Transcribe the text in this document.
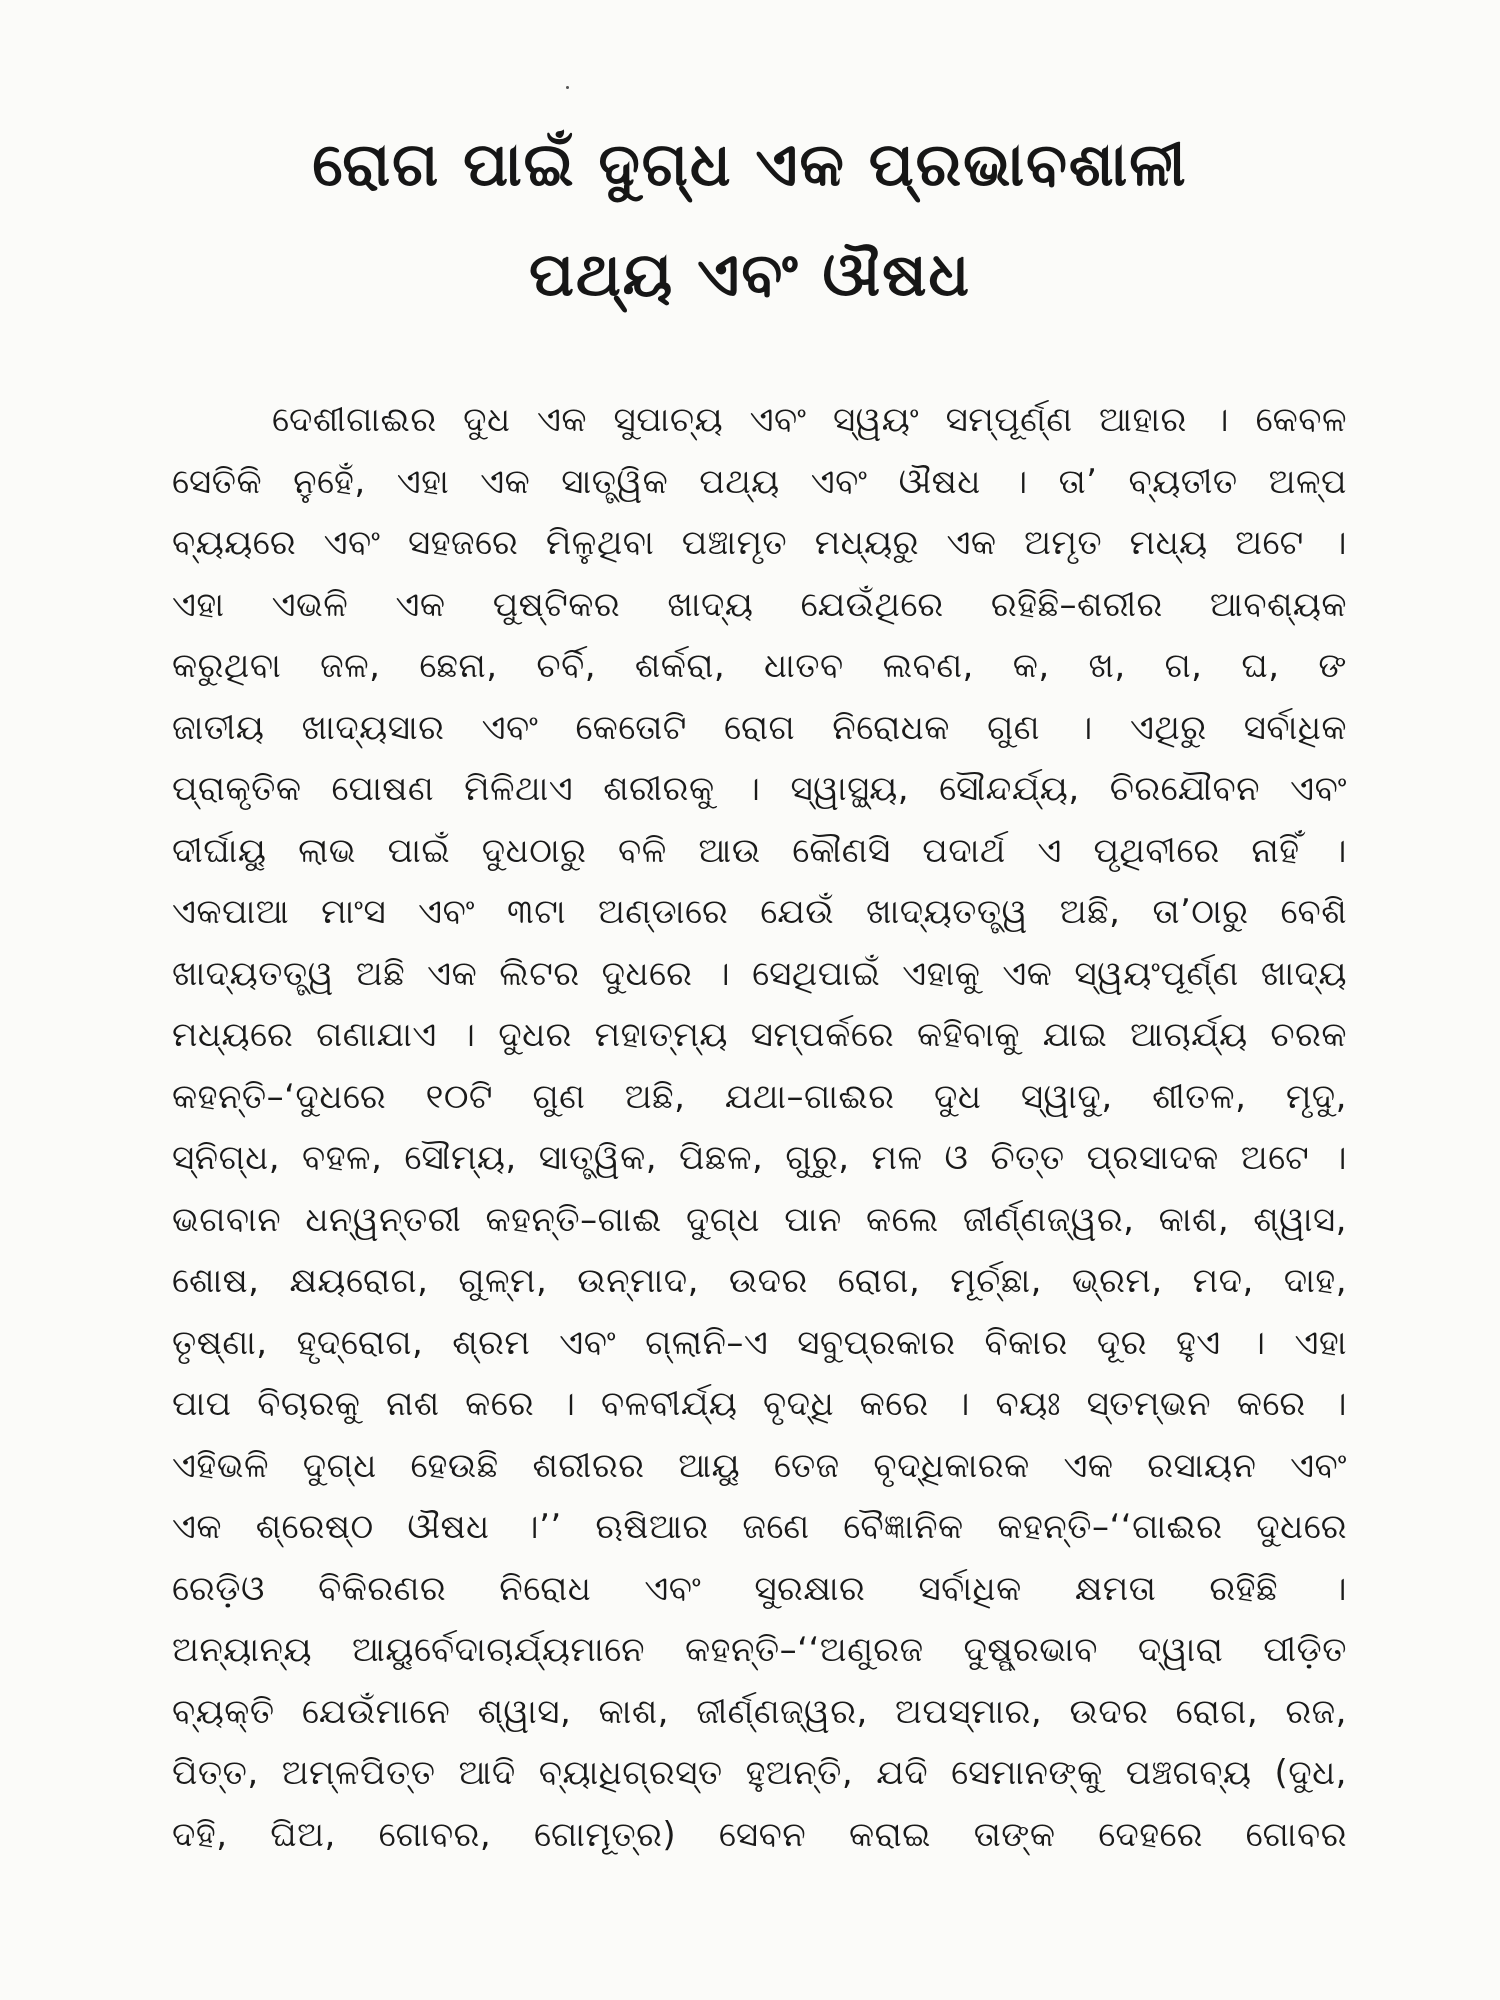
ରୋଗ ପାଇଁ ଦୁଗ୍ଧ ଏକ ପ୍ରଭାବଶାଳୀ
ପଥ୍ୟ ଏବଂ ଔଷଧ
ଦେଶୀଗାଈର ଦୁଧ ଏକ ସୁପାଚ୍ୟ ଏବଂ ସ୍ୱୟଂ ସମ୍ପୂର୍ଣ୍ଣ ଆହାର । କେବଳ
ସେତିକି ନୁହେଁ, ଏହା ଏକ ସାତ୍ତ୍ୱିକ ପଥ୍ୟ ଏବଂ ଔଷଧ । ତା’ ବ୍ୟତୀତ ଅଳ୍ପ
ବ୍ୟୟରେ ଏବଂ ସହଜରେ ମିଳୁଥିବା ପଞ୍ଚାମୃତ ମଧ୍ୟରୁ ଏକ ଅମୃତ ମଧ୍ୟ ଅଟେ ।
ଏହା ଏଭଳି ଏକ ପୁଷ୍ଟିକର ଖାଦ୍ୟ ଯେଉଁଥିରେ ରହିଛି–ଶରୀର ଆବଶ୍ୟକ
କରୁଥିବା ଜଳ, ଛେନା, ଚର୍ବି, ଶର୍କରା, ଧାତବ ଲବଣ, କ, ଖ, ଗ, ଘ, ଙ
ଜାତୀୟ ଖାଦ୍ୟସାର ଏବଂ କେତୋଟି ରୋଗ ନିରୋଧକ ଗୁଣ । ଏଥିରୁ ସର୍ବାଧିକ
ପ୍ରାକୃତିକ ପୋଷଣ ମିଳିଥାଏ ଶରୀରକୁ । ସ୍ୱାସ୍ଥ୍ୟ, ସୌନ୍ଦର୍ଯ୍ୟ, ଚିରଯୌବନ ଏବଂ
ଦୀର୍ଘାୟୁ ଲାଭ ପାଇଁ ଦୁଧଠାରୁ ବଳି ଆଉ କୌଣସି ପଦାର୍ଥ ଏ ପୃଥିବୀରେ ନାହିଁ ।
ଏକପାଆ ମାଂସ ଏବଂ ୩ଟା ଅଣ୍ଡାରେ ଯେଉଁ ଖାଦ୍ୟତତ୍ତ୍ୱ ଅଛି, ତା’ଠାରୁ ବେଶି
ଖାଦ୍ୟତତ୍ତ୍ୱ ଅଛି ଏକ ଲିଟର ଦୁଧରେ । ସେଥିପାଇଁ ଏହାକୁ ଏକ ସ୍ୱୟଂପୂର୍ଣ୍ଣ ଖାଦ୍ୟ
ମଧ୍ୟରେ ଗଣାଯାଏ । ଦୁଧର ମହାତ୍ମ୍ୟ ସମ୍ପର୍କରେ କହିବାକୁ ଯାଇ ଆଚାର୍ଯ୍ୟ ଚରକ
କହନ୍ତି–‘ଦୁଧରେ ୧୦ଟି ଗୁଣ ଅଛି, ଯଥା–ଗାଈର ଦୁଧ ସ୍ୱାଦୁ, ଶୀତଳ, ମୃଦୁ,
ସ୍ନିଗ୍ଧ, ବହଳ, ସୌମ୍ୟ, ସାତ୍ତ୍ୱିକ, ପିଛଳ, ଗୁରୁ, ମଳ ଓ ଚିତ୍ତ ପ୍ରସାଦକ ଅଟେ ।
ଭଗବାନ ଧନ୍ୱନ୍ତରୀ କହନ୍ତି–ଗାଈ ଦୁଗ୍ଧ ପାନ କଲେ ଜୀର୍ଣ୍ଣଜ୍ୱର, କାଶ, ଶ୍ୱାସ,
ଶୋଷ, କ୍ଷୟରୋଗ, ଗୁଳ୍ମ, ଉନ୍ମାଦ, ଉଦର ରୋଗ, ମୂର୍ଚ୍ଛା, ଭ୍ରମ, ମଦ, ଦାହ,
ତୃଷ୍ଣା, ହୃଦ୍‌ରୋଗ, ଶ୍ରମ ଏବଂ ଗ୍ଲାନି–ଏ ସବୁପ୍ରକାର ବିକାର ଦୂର ହୁଏ । ଏହା
ପାପ ବିଚାରକୁ ନାଶ କରେ । ବଳବୀର୍ଯ୍ୟ ବୃଦ୍ଧି କରେ । ବୟଃ ସ୍ତମ୍ଭନ କରେ ।
ଏହିଭଳି ଦୁଗ୍ଧ ହେଉଛି ଶରୀରର ଆୟୁ ତେଜ ବୃଦ୍ଧିକାରକ ଏକ ରସାୟନ ଏବଂ
ଏକ ଶ୍ରେଷ୍ଠ ଔଷଧ ।’’ ଋଷିଆର ଜଣେ ବୈଜ୍ଞାନିକ କହନ୍ତି–‘‘ଗାଈର ଦୁଧରେ
ରେଡ଼ିଓ ବିକିରଣର ନିରୋଧ ଏବଂ ସୁରକ୍ଷାର ସର୍ବାଧିକ କ୍ଷମତା ରହିଛି ।
ଅନ୍ୟାନ୍ୟ ଆୟୁର୍ବେଦାଚାର୍ଯ୍ୟମାନେ କହନ୍ତି–‘‘ଅଣୁରଜ ଦୁଷ୍ପ୍ରଭାବ ଦ୍ୱାରା ପୀଡ଼ିତ
ବ୍ୟକ୍ତି ଯେଉଁମାନେ ଶ୍ୱାସ, କାଶ, ଜୀର୍ଣ୍ଣଜ୍ୱର, ଅପସ୍ମାର, ଉଦର ରୋଗ, ରଜ,
ପିତ୍ତ, ଅମ୍ଳପିତ୍ତ ଆଦି ବ୍ୟାଧିଗ୍ରସ୍ତ ହୁଅନ୍ତି, ଯଦି ସେମାନଙ୍କୁ ପଞ୍ଚଗବ୍ୟ (ଦୁଧ,
ଦହି, ଘିଅ, ଗୋବର, ଗୋମୂତ୍ର) ସେବନ କରାଇ ତାଙ୍କ ଦେହରେ ଗୋବର
